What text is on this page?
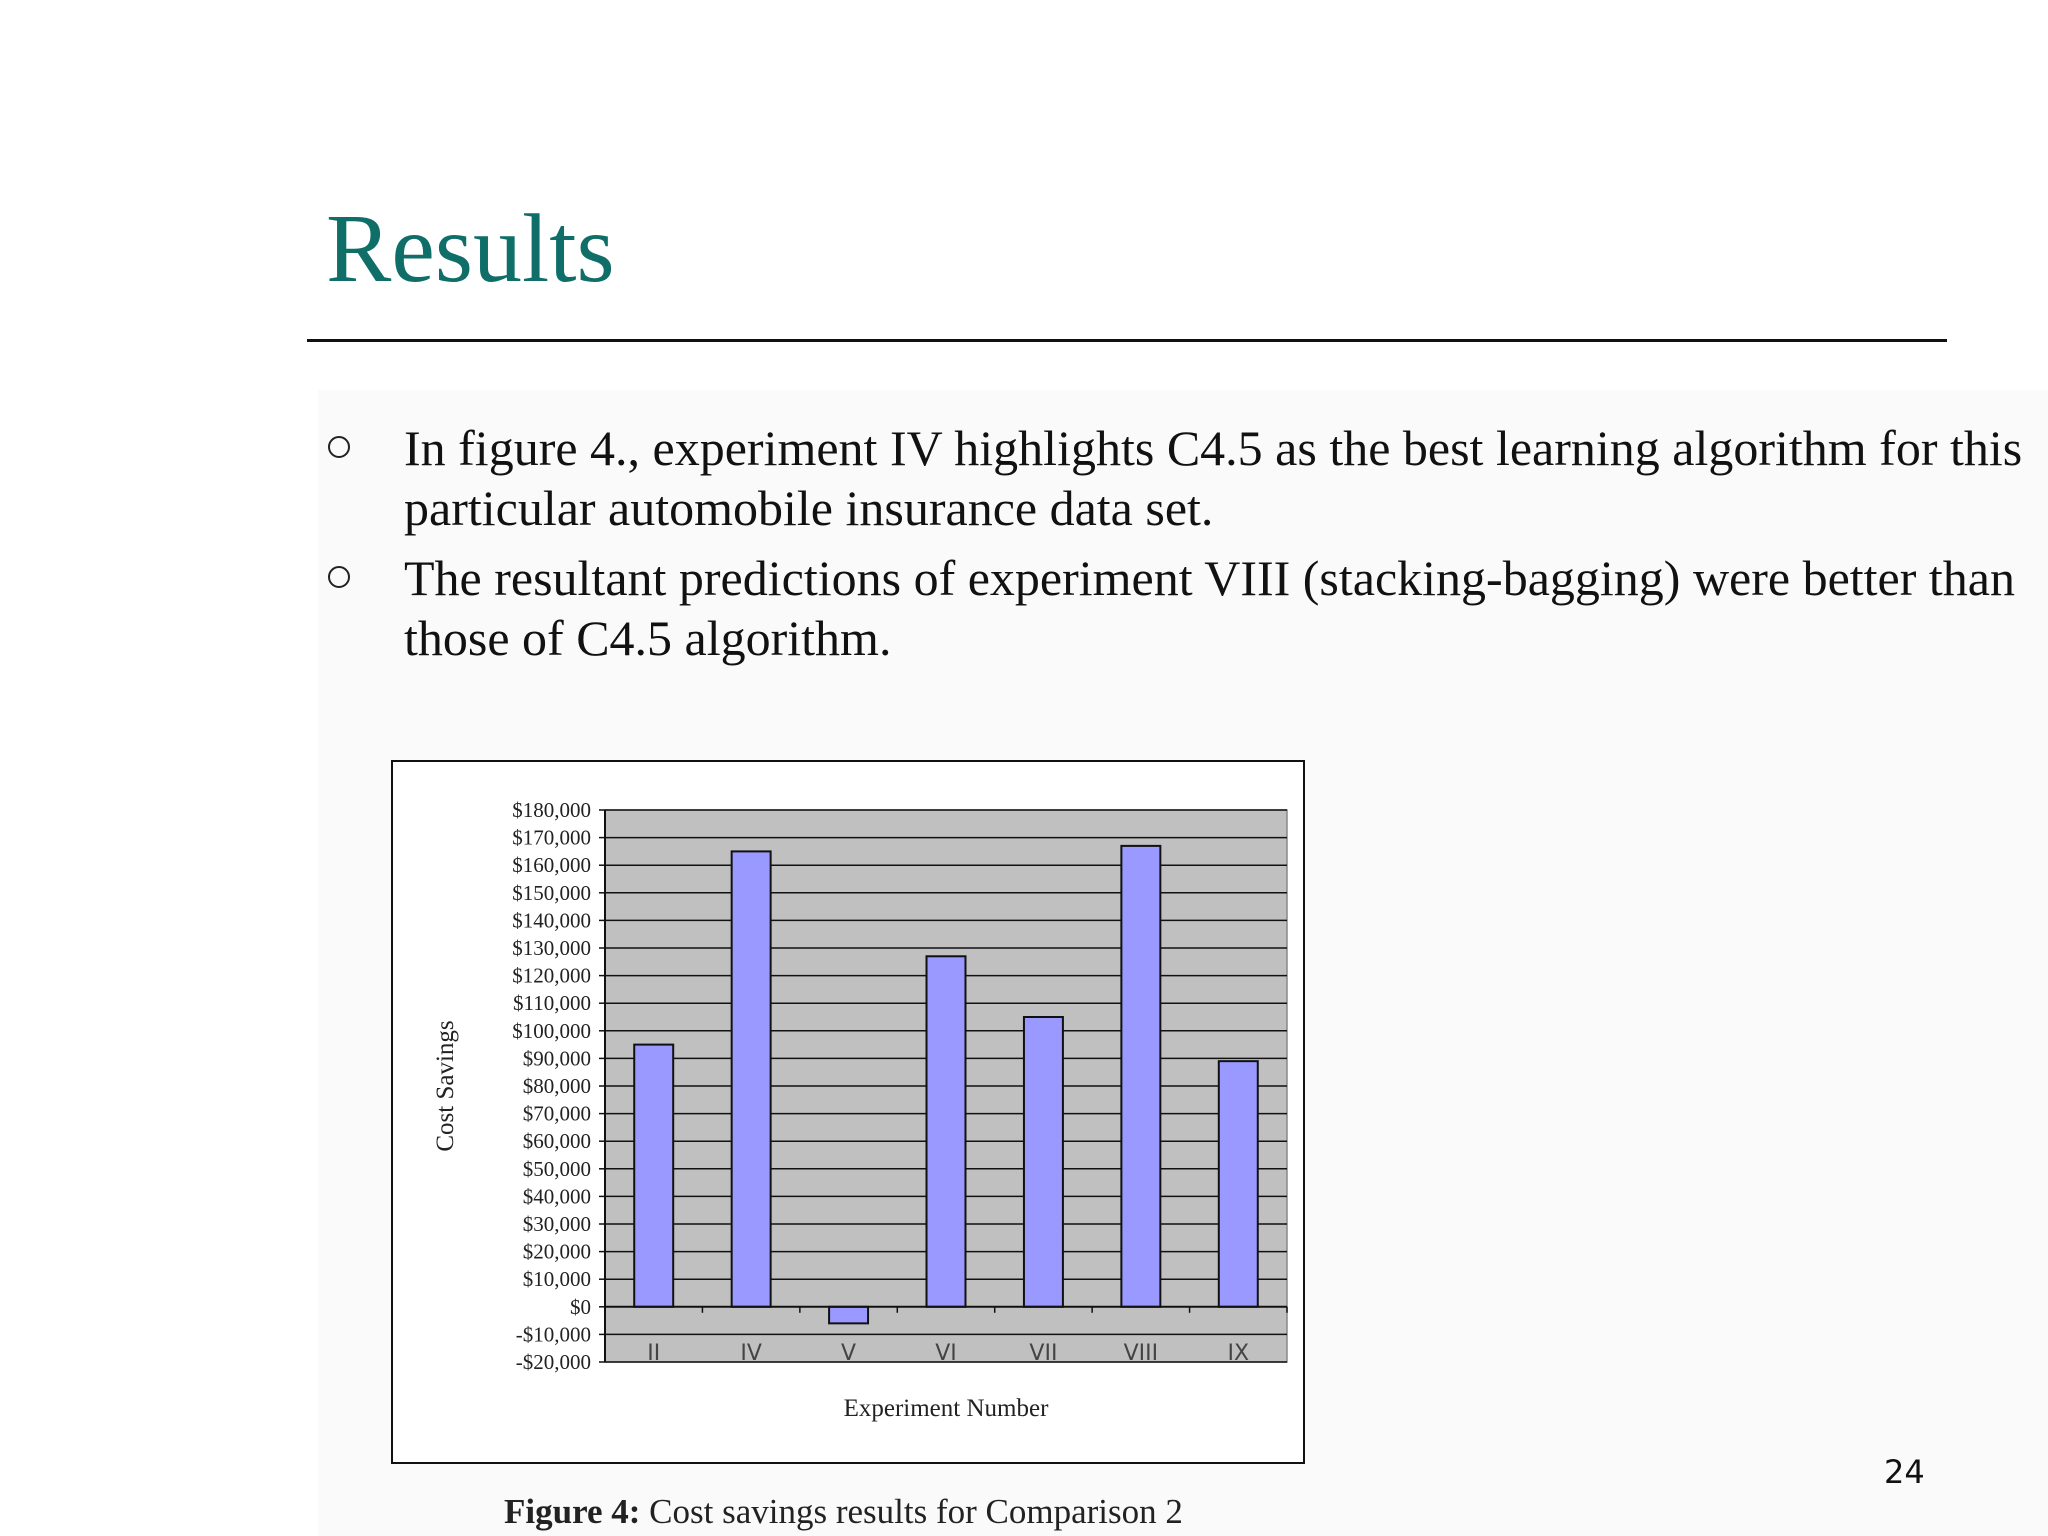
Results
In figure 4., experiment IV highlights C4.5 as the best learning algorithm for this particular automobile insurance data set.
The resultant predictions of experiment VIII (stacking-bagging) were better than those of C4.5 algorithm.
$180,000
$170,000
$160,000
$150,000
$140,000
$130,000
$120,000
$110,000
$100,000
$90,000
$80,000
$70,000
$60,000
$50,000
$40,000
$30,000
$20,000
$10,000
$0
-$10,000
-$20,000	II	IV	V	VI	VII	VIII	IX
Experiment Number
Cost Savings
Figure 4: Cost savings results for Comparison 2
24
